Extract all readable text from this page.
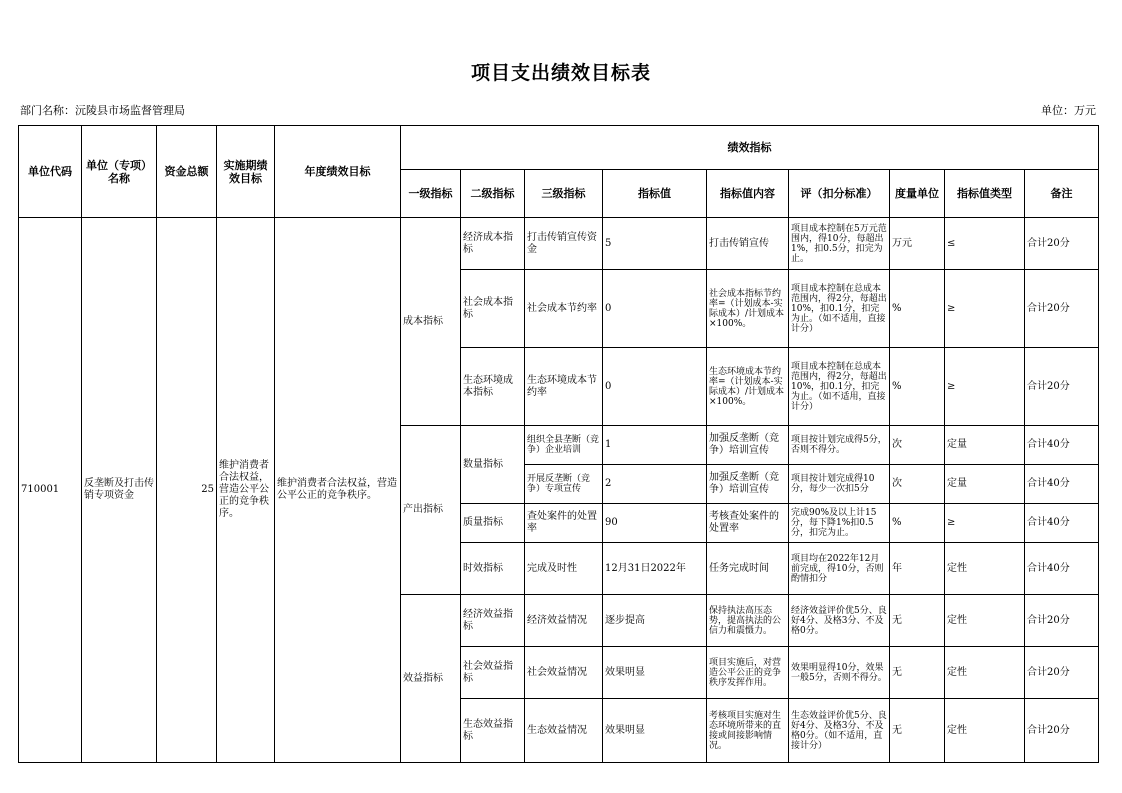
项目支出绩效目标表
部门名称：沅陵县市场监督管理局	单位：万元
单位代码	单位（专项）名称	资金总额	实施期绩效目标	年度绩效目标	绩效指标								
					一级指标	二级指标	三级指标	指标值	指标值内容	评（扣分标准）	度量单位	指标值类型	备注
710001	反垄断及打击传销专项资金	25	维护消费者合法权益，营造公平公正的竞争秩序。	维护消费者合法权益，营造公平公正的竞争秩序。	成本指标	经济成本指标	打击传销宣传资金	5	打击传销宣传	项目成本控制在5万元范围内，得10分，每超出1%，扣0.5分，扣完为止。	万元	≤	合计20分
						社会成本指标	社会成本节约率	0	社会成本指标节约率=（计划成本-实际成本）/计划成本×100%。	项目成本控制在总成本范围内，得2分，每超出10%，扣0.1分，扣完为止。（如不适用，直接计分）	%	≥	合计20分
						生态环境成本指标	生态环境成本节约率	0	生态环境成本节约率=（计划成本-实际成本）/计划成本×100%。	项目成本控制在总成本范围内，得2分，每超出10%，扣0.1分，扣完为止。（如不适用，直接计分）	%	≥	合计20分
					产出指标	数量指标	组织全县垄断（竞争）企业培训	1	加强反垄断（竞争）培训宣传	项目按计划完成得5分，否则不得分。	次	定量	合计40分
							开展反垄断（竞争）专项宣传	2	加强反垄断（竞争）培训宣传	项目按计划完成得10分，每少一次扣5分	次	定量	合计40分
						质量指标	查处案件的处置率	90	考核查处案件的处置率	完成90%及以上计15分，每下降1%扣0.5分，扣完为止。	%	≥	合计40分
						时效指标	完成及时性	12月31日2022年	任务完成时间	项目均在2022年12月前完成，得10分，否则酌情扣分	年	定性	合计40分
					效益指标	经济效益指标	经济效益情况	逐步提高	保持执法高压态势，提高执法的公信力和震慑力。	经济效益评价优5分、良好4分、及格3分、不及格0分。	无	定性	合计20分
						社会效益指标	社会效益情况	效果明显	项目实施后，对营造公平公正的竞争秩序发挥作用。	效果明显得10分，效果一般5分，否则不得分。	无	定性	合计20分
						生态效益指标	生态效益情况	效果明显	考核项目实施对生态环境所带来的直接或间接影响情况。	生态效益评价优5分、良好4分、及格3分、不及格0分。（如不适用，直接计分）	无	定性	合计20分
